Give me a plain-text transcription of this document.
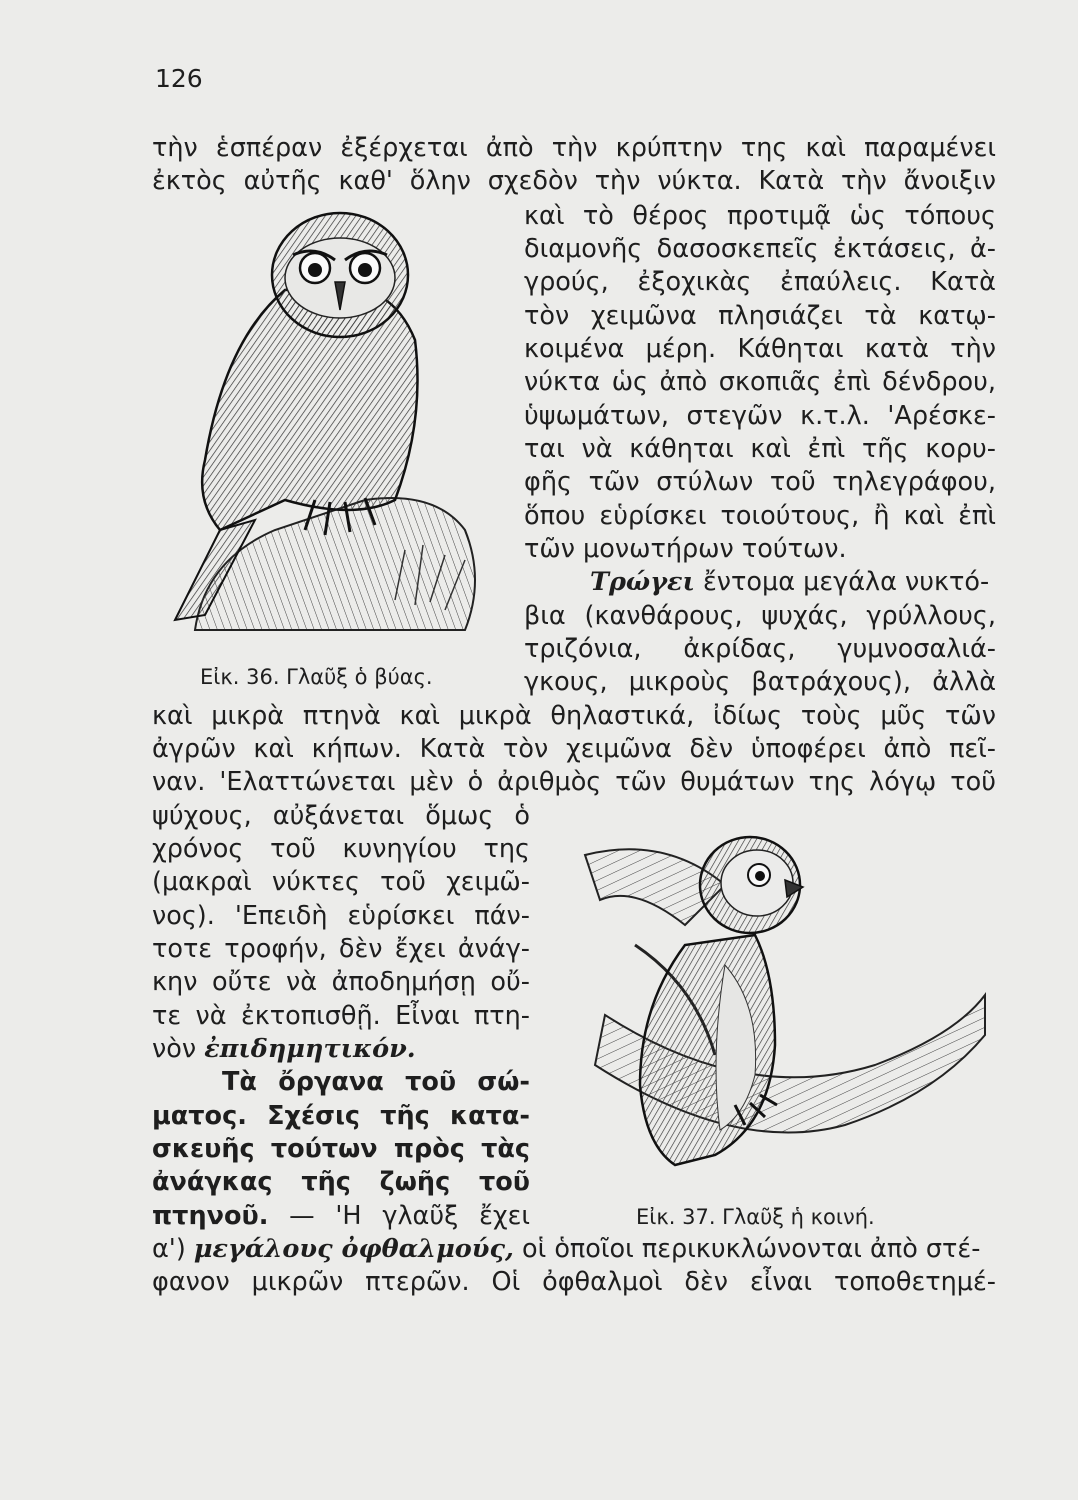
126
τὴν ἑσπέραν ἐξέρχεται ἀπὸ τὴν κρύπτην της καὶ παραμένει
ἐκτὸς αὐτῆς καθ' ὅλην σχεδὸν τὴν νύκτα. Κατὰ τὴν ἄνοιξιν
καὶ τὸ θέρος προτιμᾷ ὡς τόπους
διαμονῆς δασοσκεπεῖς ἐκτάσεις, ἀ-
γρούς, ἐξοχικὰς ἐπαύλεις. Κατὰ
τὸν χειμῶνα πλησιάζει τὰ κατῳ-
κοιμένα μέρη. Κάθηται κατὰ τὴν
νύκτα ὡς ἀπὸ σκοπιᾶς ἐπὶ δένδρου,
ὑψωμάτων, στεγῶν κ.τ.λ. 'Αρέσκε-
ται νὰ κάθηται καὶ ἐπὶ τῆς κορυ-
φῆς τῶν στύλων τοῦ τηλεγράφου,
ὅπου εὑρίσκει τοιούτους, ἢ καὶ ἐπὶ
τῶν μονωτήρων τούτων.
Τρώγει ἔντομα μεγάλα νυκτό-
βια (κανθάρους, ψυχάς, γρύλλους,
τριζόνια, ἀκρίδας, γυμνοσαλιά-
γκους, μικροὺς βατράχους), ἀλλὰ
καὶ μικρὰ πτηνὰ καὶ μικρὰ θηλαστικά, ἰδίως τοὺς μῦς τῶν
ἀγρῶν καὶ κήπων. Κατὰ τὸν χειμῶνα δὲν ὑποφέρει ἀπὸ πεῖ-
ναν. 'Ελαττώνεται μὲν ὁ ἀριθμὸς τῶν θυμάτων της λόγῳ τοῦ
ψύχους, αὐξάνεται ὅμως ὁ
χρόνος τοῦ κυνηγίου της
(μακραὶ νύκτες τοῦ χειμῶ-
νος). 'Επειδὴ εὑρίσκει πάν-
τοτε τροφήν, δὲν ἔχει ἀνάγ-
κην οὔτε νὰ ἀποδημήσῃ οὔ-
τε νὰ ἐκτοπισθῇ. Εἶναι πτη-
νὸν ἐπιδημητικόν.
Τὰ ὄργανα τοῦ σώ-
ματος. Σχέσις τῆς κατα-
σκευῆς τούτων πρὸς τὰς
ἀνάγκας τῆς ζωῆς τοῦ
πτηνοῦ. — 'Η γλαῦξ ἔχει
α') μεγάλους ὀφθαλμούς, οἱ ὁποῖοι περικυκλώνονται ἀπὸ στέ-
φανον μικρῶν πτερῶν. Οἱ ὀφθαλμοὶ δὲν εἶναι τοποθετημέ-
Εἰκ. 36. Γλαῦξ ὁ βύας.
Εἰκ. 37. Γλαῦξ ἡ κοινή.
